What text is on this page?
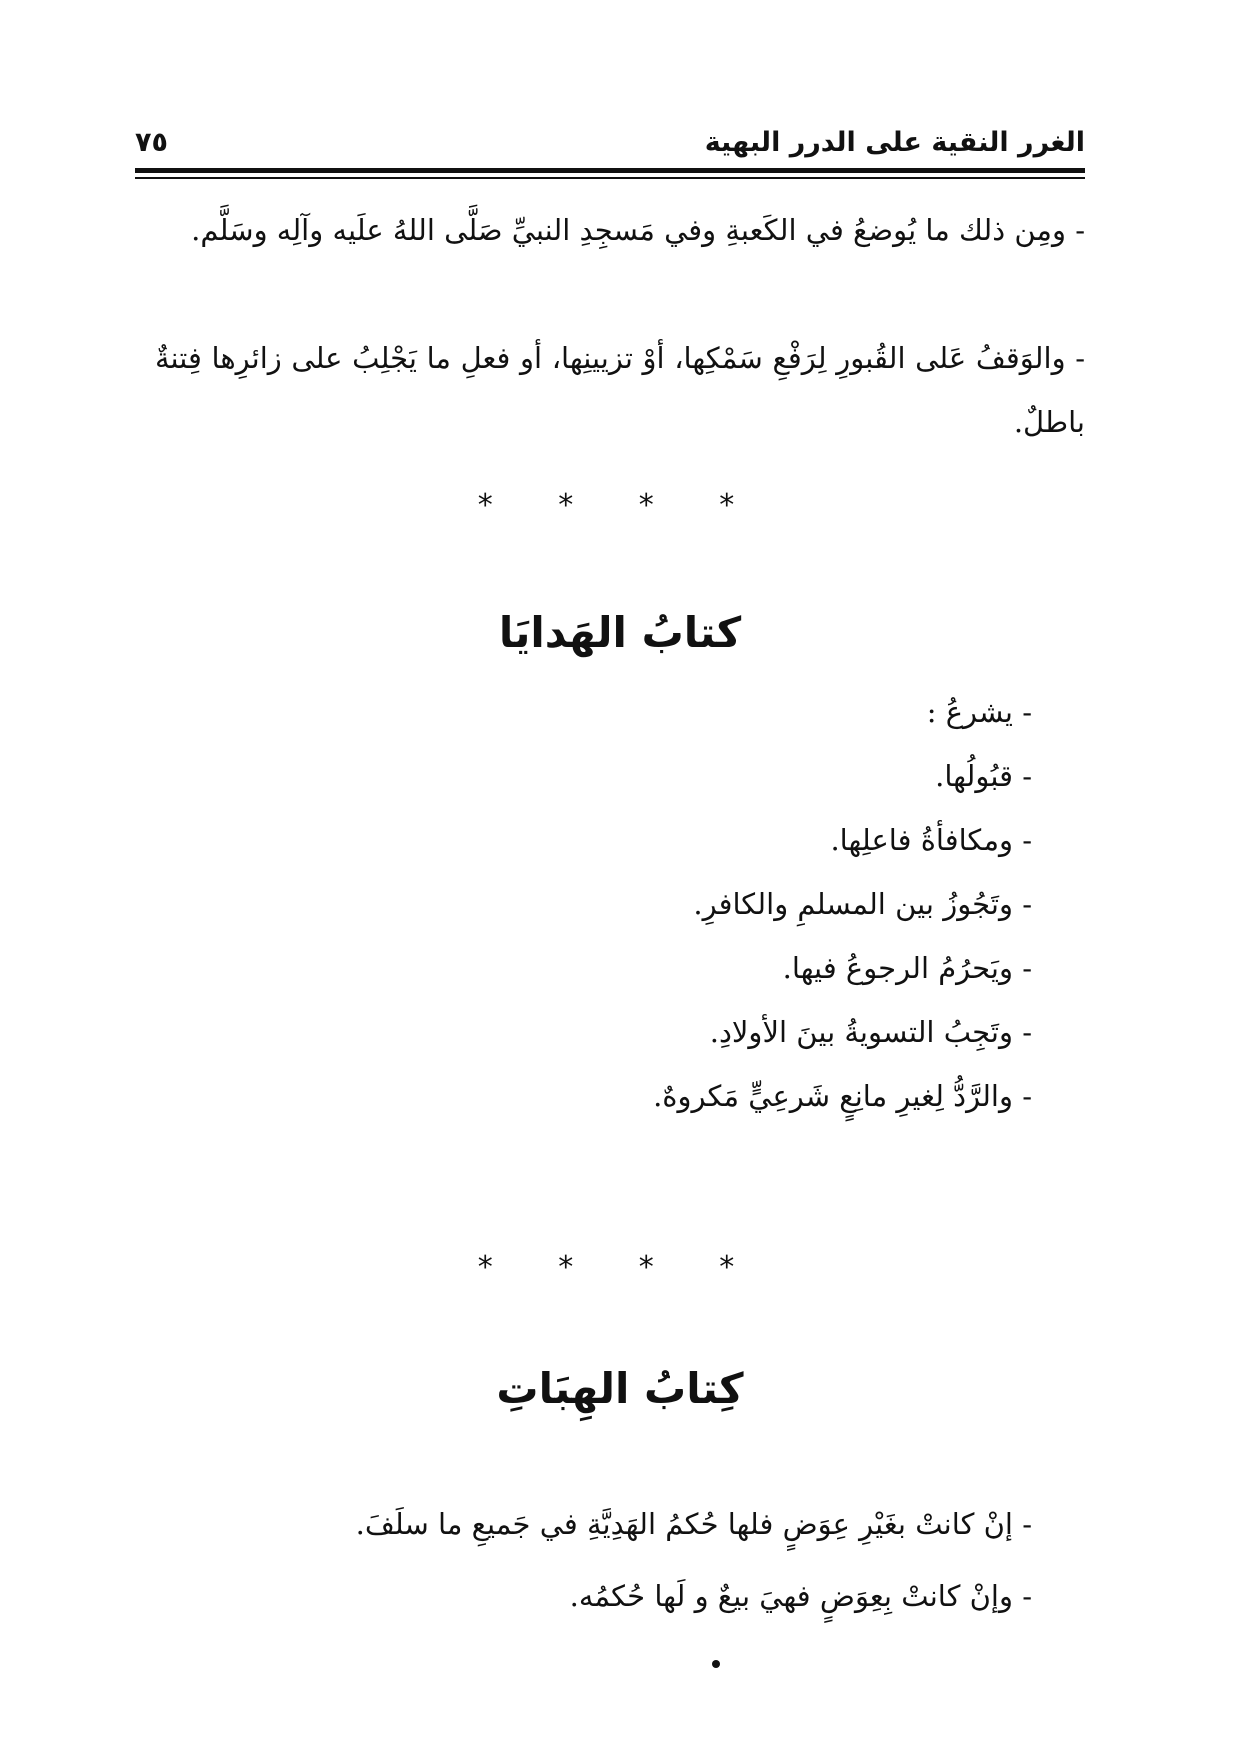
٧٥	الغرر النقية على الدرر البهية

- ومِن ذلك ما يُوضعُ في الكَعبةِ وفي مَسجِدِ النبيِّ صَلَّى اللهُ علَيه وآلِه وسَلَّم.

- والوَقفُ عَلى القُبورِ لِرَفْعِ سَمْكِها، أوْ تزيينِها، أو فعلِ ما يَجْلِبُ على زائرِها فِتنةٌ باطلٌ.

* * * *
كتابُ الهَدايَا
- يشرعُ :
- قبُولُها.
- ومكافأةُ فاعلِها.
- وتَجُوزُ بين المسلمِ والكافرِ.
- ويَحرُمُ الرجوعُ فيها.
- وتَجِبُ التسويةُ بينَ الأولادِ.
- والرَّدُّ لِغيرِ مانِعٍ شَرعِيٍّ مَكروهٌ.
* * * *
كِتابُ الهِبَاتِ
- إنْ كانتْ بغَيْرِ عِوَضٍ فلها حُكمُ الهَدِيَّةِ في جَميعِ ما سلَفَ.
- وإنْ كانتْ بِعِوَضٍ فهيَ بيعٌ و لَها حُكمُه.
